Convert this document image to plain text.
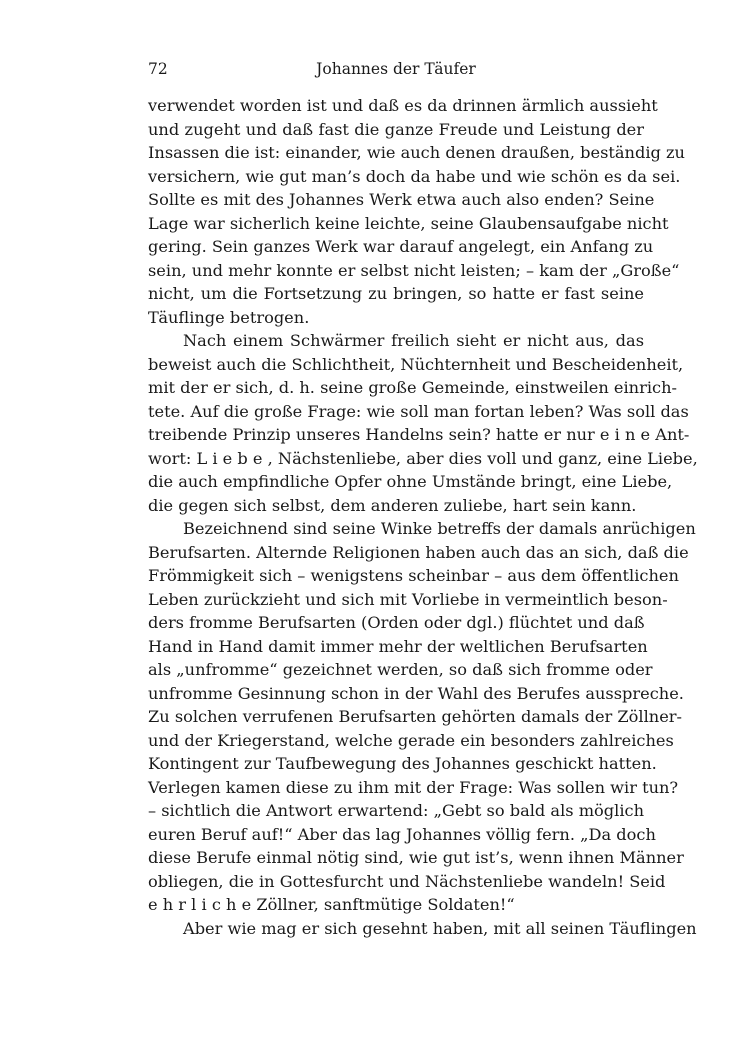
72	Johannes der Täufer
verwendet worden ist und daß es da drinnen ärmlich aussieht
und zugeht und daß fast die ganze Freude und Leistung der
Insassen die ist: einander, wie auch denen draußen, beständig zu
versichern, wie gut man’s doch da habe und wie schön es da sei.
Sollte es mit des Johannes Werk etwa auch also enden? Seine
Lage war sicherlich keine leichte, seine Glaubensaufgabe nicht
gering. Sein ganzes Werk war darauf angelegt, ein Anfang zu
sein, und mehr konnte er selbst nicht leisten; – kam der „Große“
nicht, um die Fortsetzung zu bringen, so hatte er fast seine
Täuflinge betrogen.
Nach einem Schwärmer freilich sieht er nicht aus, das
beweist auch die Schlichtheit, Nüchternheit und Bescheidenheit,
mit der er sich, d. h. seine große Gemeinde, einstweilen einrich-
tete. Auf die große Frage: wie soll man fortan leben? Was soll das
treibende Prinzip unseres Handelns sein? hatte er nur e i n e Ant-
wort: L i e b e , Nächstenliebe, aber dies voll und ganz, eine Liebe,
die auch empfindliche Opfer ohne Umstände bringt, eine Liebe,
die gegen sich selbst, dem anderen zuliebe, hart sein kann.
Bezeichnend sind seine Winke betreffs der damals anrüchigen
Berufsarten. Alternde Religionen haben auch das an sich, daß die
Frömmigkeit sich – wenigstens scheinbar – aus dem öffentlichen
Leben zurückzieht und sich mit Vorliebe in vermeintlich beson-
ders fromme Berufsarten (Orden oder dgl.) flüchtet und daß
Hand in Hand damit immer mehr der weltlichen Berufsarten
als „unfromme“ gezeichnet werden, so daß sich fromme oder
unfromme Gesinnung schon in der Wahl des Berufes ausspreche.
Zu solchen verrufenen Berufsarten gehörten damals der Zöllner-
und der Kriegerstand, welche gerade ein besonders zahlreiches
Kontingent zur Taufbewegung des Johannes geschickt hatten.
Verlegen kamen diese zu ihm mit der Frage: Was sollen wir tun?
– sichtlich die Antwort erwartend: „Gebt so bald als möglich
euren Beruf auf!“ Aber das lag Johannes völlig fern. „Da doch
diese Berufe einmal nötig sind, wie gut ist’s, wenn ihnen Männer
obliegen, die in Gottesfurcht und Nächstenliebe wandeln! Seid
e h r l i c h e Zöllner, sanftmütige Soldaten!“
Aber wie mag er sich gesehnt haben, mit all seinen Täuflingen
